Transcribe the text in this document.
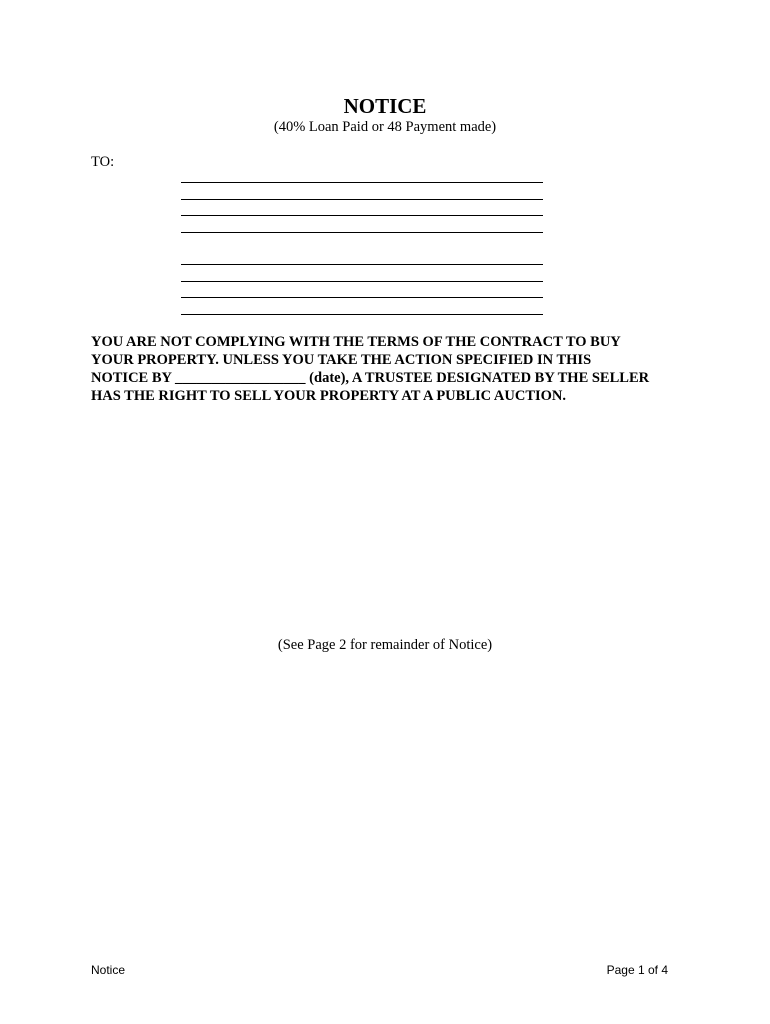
NOTICE
(40% Loan Paid or 48 Payment made)
TO:
YOU ARE NOT COMPLYING WITH THE TERMS OF THE CONTRACT TO BUY
YOUR PROPERTY. UNLESS YOU TAKE THE ACTION SPECIFIED IN THIS
NOTICE BY __________________ (date), A TRUSTEE DESIGNATED BY THE SELLER
HAS THE RIGHT TO SELL YOUR PROPERTY AT A PUBLIC AUCTION.
(See Page 2 for remainder of Notice)
Notice	Page 1 of 4
